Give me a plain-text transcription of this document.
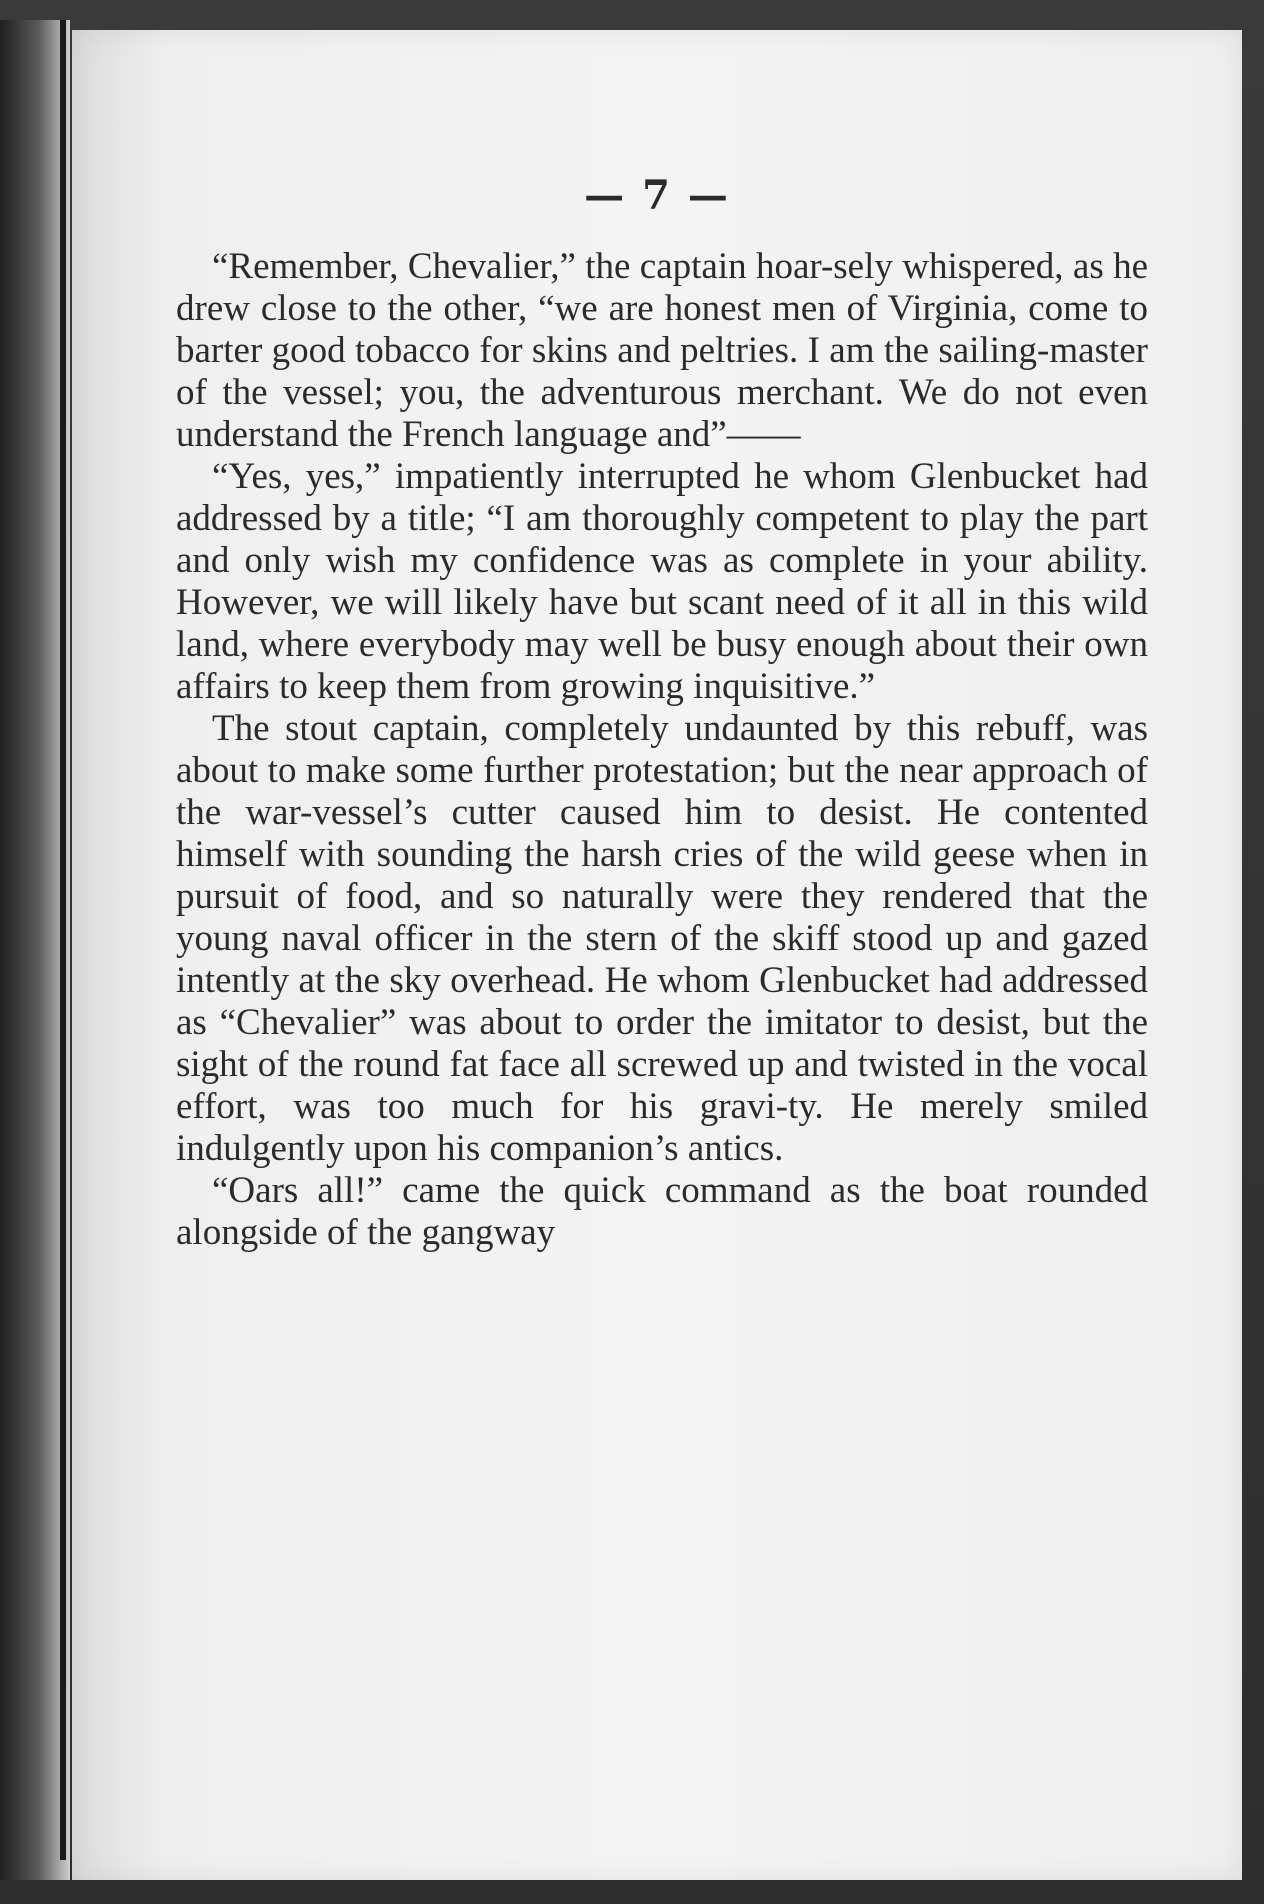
— 7 —

“Remember, Chevalier,” the captain hoar-sely whispered, as he drew close to the other, “we are honest men of Virginia, come to barter good tobacco for skins and peltries. I am the sailing-master of the vessel; you, the adventurous merchant. We do not even understand the French language and”——

“Yes, yes,” impatiently interrupted he whom Glenbucket had addressed by a title; “I am thoroughly competent to play the part and only wish my confidence was as complete in your ability. However, we will likely have but scant need of it all in this wild land, where everybody may well be busy enough about their own affairs to keep them from growing inquisitive.”

The stout captain, completely undaunted by this rebuff, was about to make some further protestation; but the near approach of the war-vessel’s cutter caused him to desist. He contented himself with sounding the harsh cries of the wild geese when in pursuit of food, and so naturally were they rendered that the young naval officer in the stern of the skiff stood up and gazed intently at the sky overhead. He whom Glenbucket had addressed as “Chevalier” was about to order the imitator to desist, but the sight of the round fat face all screwed up and twisted in the vocal effort, was too much for his gravi-ty. He merely smiled indulgently upon his companion’s antics.

“Oars all!” came the quick command as the boat rounded alongside of the gangway
